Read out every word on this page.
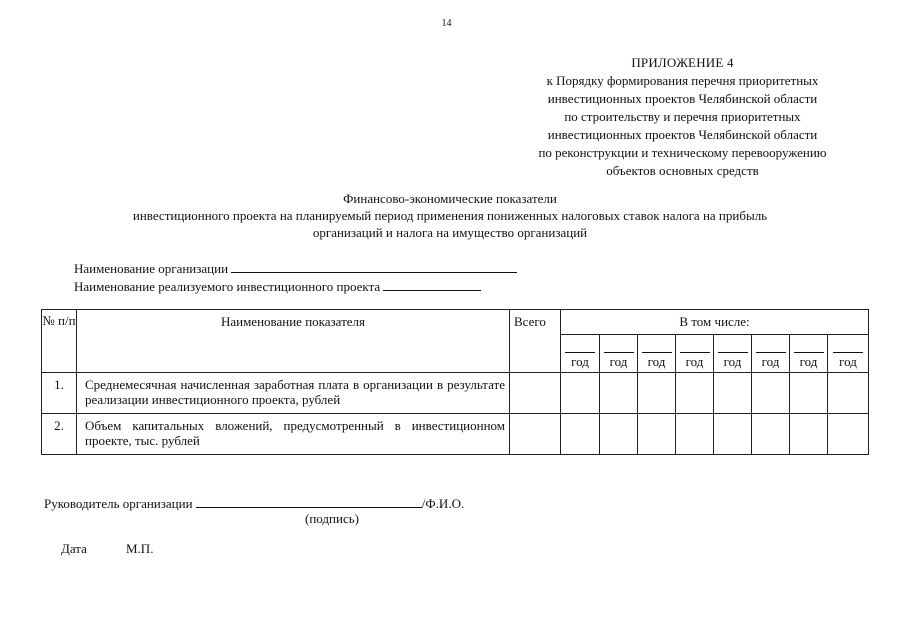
14
ПРИЛОЖЕНИЕ 4
к Порядку формирования перечня приоритетных
инвестиционных проектов Челябинской области
по строительству и перечня приоритетных
инвестиционных проектов Челябинской области
по реконструкции и техническому перевооружению
объектов основных средств
Финансово-экономические показатели
инвестиционного проекта на планируемый период применения пониженных налоговых ставок налога на прибыль
организаций и налога на имущество организаций
Наименование организации
Наименование реализуемого инвестиционного проекта
№ п/п	Наименование показателя	Всего	В том числе:							

			год	год	год	год	год	год	год	год

1.	Среднемесячная начисленная заработная плата в организации в результате реализации инвестиционного проекта, рублей									
2.	Объем капитальных вложений, предусмотренный в инвестиционном проекте, тыс. рублей									
Руководитель организации	/Ф.И.О.
(подпись)
Дата	М.П.
